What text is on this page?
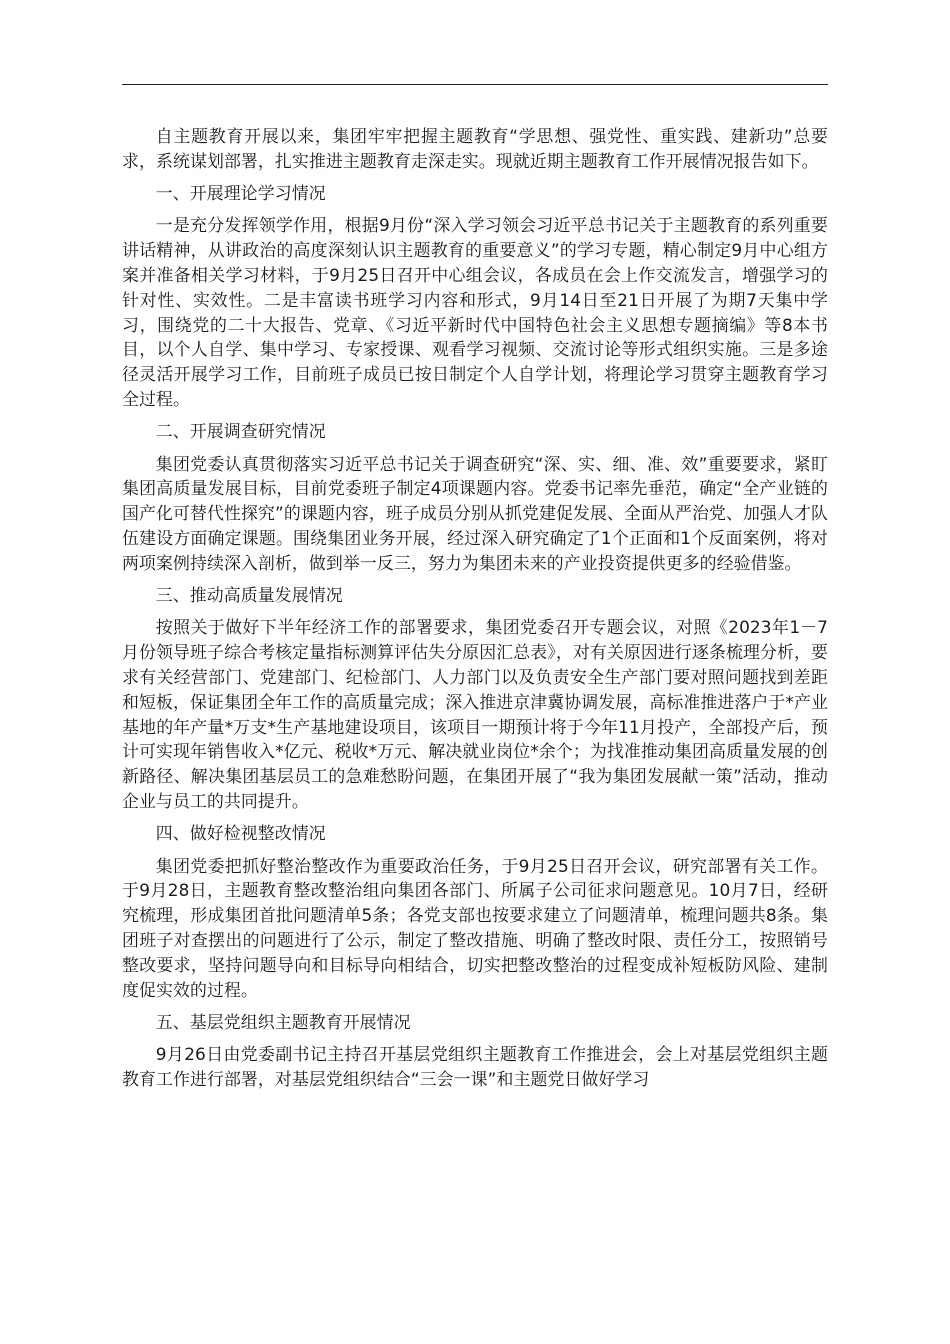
自主题教育开展以来，集团牢牢把握主题教育“学思想、强党性、重实践、建新功”总要求，系统谋划部署，扎实推进主题教育走深走实。现就近期主题教育工作开展情况报告如下。

一、开展理论学习情况

一是充分发挥领学作用，根据9月份“深入学习领会习近平总书记关于主题教育的系列重要讲话精神，从讲政治的高度深刻认识主题教育的重要意义”的学习专题，精心制定9月中心组方案并准备相关学习材料，于9月25日召开中心组会议，各成员在会上作交流发言，增强学习的针对性、实效性。二是丰富读书班学习内容和形式，9月14日至21日开展了为期7天集中学习，围绕党的二十大报告、党章、《习近平新时代中国特色社会主义思想专题摘编》等8本书目，以个人自学、集中学习、专家授课、观看学习视频、交流讨论等形式组织实施。三是多途径灵活开展学习工作，目前班子成员已按日制定个人自学计划，将理论学习贯穿主题教育学习全过程。

二、开展调查研究情况

集团党委认真贯彻落实习近平总书记关于调查研究“深、实、细、准、效”重要要求，紧盯集团高质量发展目标，目前党委班子制定4项课题内容。党委书记率先垂范，确定“全产业链的国产化可替代性探究”的课题内容，班子成员分别从抓党建促发展、全面从严治党、加强人才队伍建设方面确定课题。围绕集团业务开展，经过深入研究确定了1个正面和1个反面案例，将对两项案例持续深入剖析，做到举一反三，努力为集团未来的产业投资提供更多的经验借鉴。

三、推动高质量发展情况

按照关于做好下半年经济工作的部署要求，集团党委召开专题会议，对照《2023年1－7月份领导班子综合考核定量指标测算评估失分原因汇总表》，对有关原因进行逐条梳理分析，要求有关经营部门、党建部门、纪检部门、人力部门以及负责安全生产部门要对照问题找到差距和短板，保证集团全年工作的高质量完成；深入推进京津冀协调发展，高标准推进落户于*产业基地的年产量*万支*生产基地建设项目，该项目一期预计将于今年11月投产，全部投产后，预计可实现年销售收入*亿元、税收*万元、解决就业岗位*余个；为找准推动集团高质量发展的创新路径、解决集团基层员工的急难愁盼问题，在集团开展了“我为集团发展献一策”活动，推动企业与员工的共同提升。

四、做好检视整改情况

集团党委把抓好整治整改作为重要政治任务，于9月25日召开会议，研究部署有关工作。于9月28日，主题教育整改整治组向集团各部门、所属子公司征求问题意见。10月7日，经研究梳理，形成集团首批问题清单5条；各党支部也按要求建立了问题清单，梳理问题共8条。集团班子对查摆出的问题进行了公示，制定了整改措施、明确了整改时限、责任分工，按照销号整改要求，坚持问题导向和目标导向相结合，切实把整改整治的过程变成补短板防风险、建制度促实效的过程。

五、基层党组织主题教育开展情况

9月26日由党委副书记主持召开基层党组织主题教育工作推进会，会上对基层党组织主题教育工作进行部署，对基层党组织结合“三会一课”和主题党日做好学习
